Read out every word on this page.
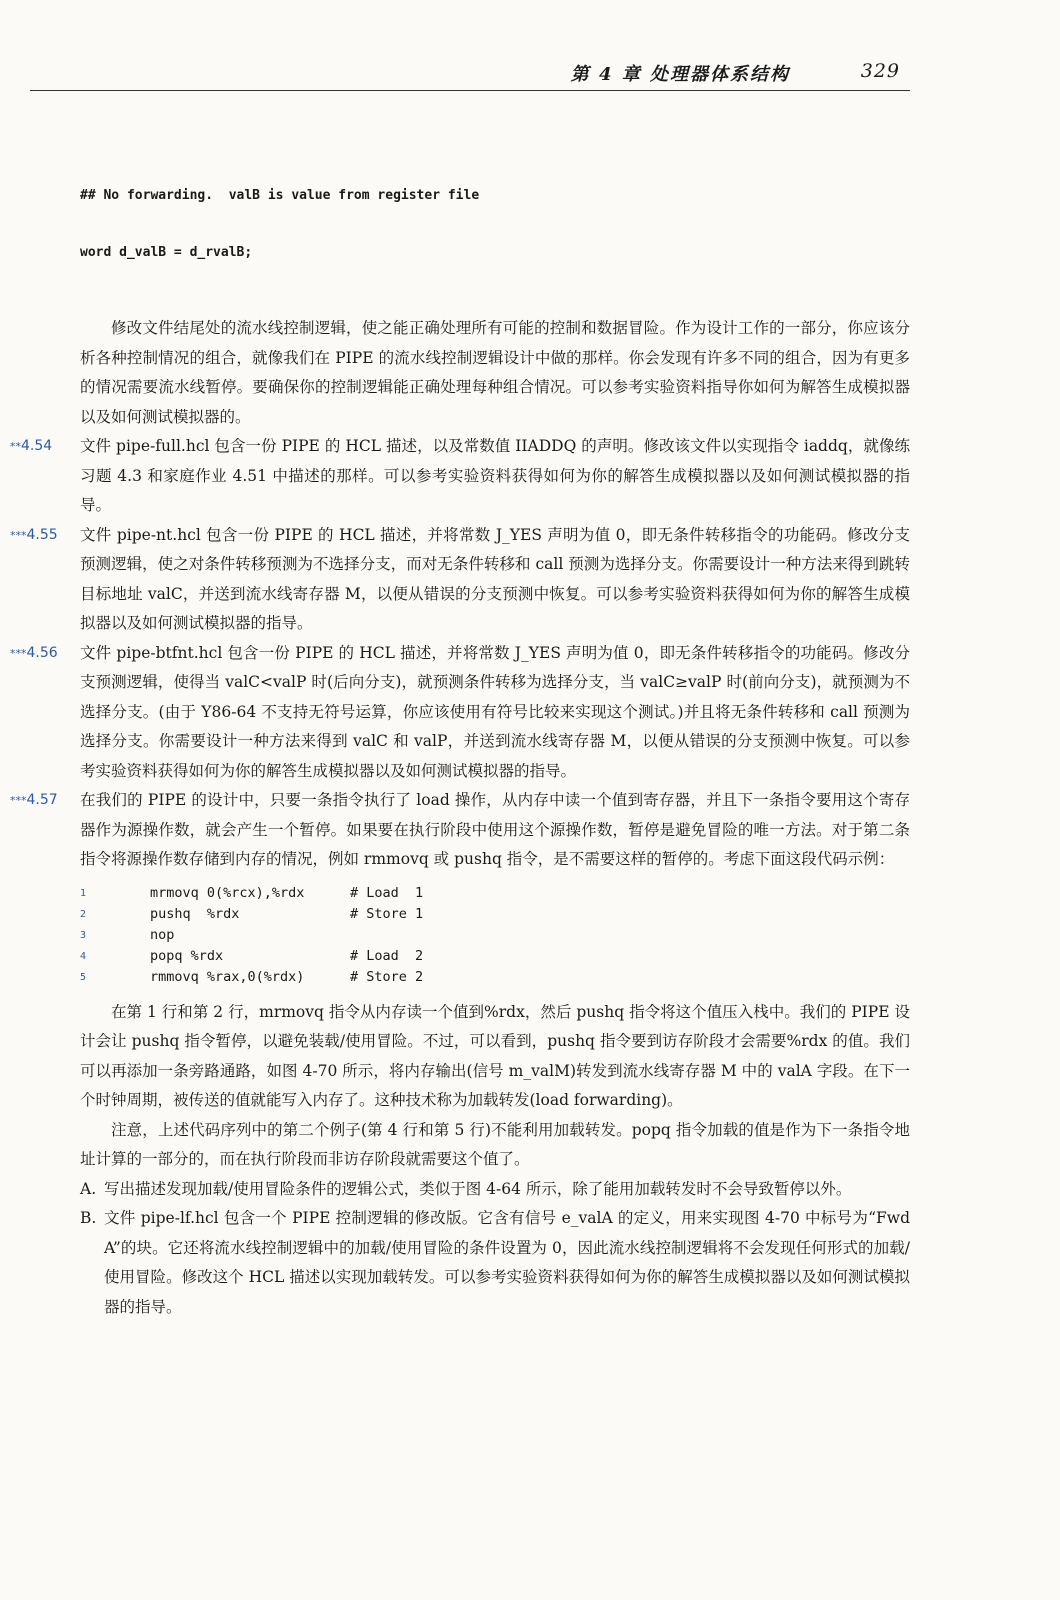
第 4 章 处理器体系结构	329

## No forwarding.  valB is value from register file

word d_valB = d_rvalB;

修改文件结尾处的流水线控制逻辑，使之能正确处理所有可能的控制和数据冒险。作为设计工作的一部分，你应该分析各种控制情况的组合，就像我们在 PIPE 的流水线控制逻辑设计中做的那样。你会发现有许多不同的组合，因为有更多的情况需要流水线暂停。要确保你的控制逻辑能正确处理每种组合情况。可以参考实验资料指导你如何为解答生成模拟器以及如何测试模拟器的。

**4.54 文件 pipe-full.hcl 包含一份 PIPE 的 HCL 描述，以及常数值 IIADDQ 的声明。修改该文件以实现指令 iaddq，就像练习题 4.3 和家庭作业 4.51 中描述的那样。可以参考实验资料获得如何为你的解答生成模拟器以及如何测试模拟器的指导。

***4.55 文件 pipe-nt.hcl 包含一份 PIPE 的 HCL 描述，并将常数 J_YES 声明为值 0，即无条件转移指令的功能码。修改分支预测逻辑，使之对条件转移预测为不选择分支，而对无条件转移和 call 预测为选择分支。你需要设计一种方法来得到跳转目标地址 valC，并送到流水线寄存器 M，以便从错误的分支预测中恢复。可以参考实验资料获得如何为你的解答生成模拟器以及如何测试模拟器的指导。

***4.56 文件 pipe-btfnt.hcl 包含一份 PIPE 的 HCL 描述，并将常数 J_YES 声明为值 0，即无条件转移指令的功能码。修改分支预测逻辑，使得当 valC<valP 时(后向分支)，就预测条件转移为选择分支，当 valC≥valP 时(前向分支)，就预测为不选择分支。(由于 Y86-64 不支持无符号运算，你应该使用有符号比较来实现这个测试。)并且将无条件转移和 call 预测为选择分支。你需要设计一种方法来得到 valC 和 valP，并送到流水线寄存器 M，以便从错误的分支预测中恢复。可以参考实验资料获得如何为你的解答生成模拟器以及如何测试模拟器的指导。

***4.57 在我们的 PIPE 的设计中，只要一条指令执行了 load 操作，从内存中读一个值到寄存器，并且下一条指令要用这个寄存器作为源操作数，就会产生一个暂停。如果要在执行阶段中使用这个源操作数，暂停是避免冒险的唯一方法。对于第二条指令将源操作数存储到内存的情况，例如 rmmovq 或 pushq 指令，是不需要这样的暂停的。考虑下面这段代码示例：

1	mrmovq 0(%rcx),%rdx	# Load  1
2	pushq  %rdx	# Store 1
3	nop
4	popq %rdx	# Load  2
5	rmmovq %rax,0(%rdx)	# Store 2

在第 1 行和第 2 行，mrmovq 指令从内存读一个值到%rdx，然后 pushq 指令将这个值压入栈中。我们的 PIPE 设计会让 pushq 指令暂停，以避免装载/使用冒险。不过，可以看到，pushq 指令要到访存阶段才会需要%rdx 的值。我们可以再添加一条旁路通路，如图 4-70 所示，将内存输出(信号 m_valM)转发到流水线寄存器 M 中的 valA 字段。在下一个时钟周期，被传送的值就能写入内存了。这种技术称为加载转发(load forwarding)。

注意，上述代码序列中的第二个例子(第 4 行和第 5 行)不能利用加载转发。popq 指令加载的值是作为下一条指令地址计算的一部分的，而在执行阶段而非访存阶段就需要这个值了。

A. 写出描述发现加载/使用冒险条件的逻辑公式，类似于图 4-64 所示，除了能用加载转发时不会导致暂停以外。

B. 文件 pipe-lf.hcl 包含一个 PIPE 控制逻辑的修改版。它含有信号 e_valA 的定义，用来实现图 4-70 中标号为“Fwd A”的块。它还将流水线控制逻辑中的加载/使用冒险的条件设置为 0，因此流水线控制逻辑将不会发现任何形式的加载/使用冒险。修改这个 HCL 描述以实现加载转发。可以参考实验资料获得如何为你的解答生成模拟器以及如何测试模拟器的指导。
